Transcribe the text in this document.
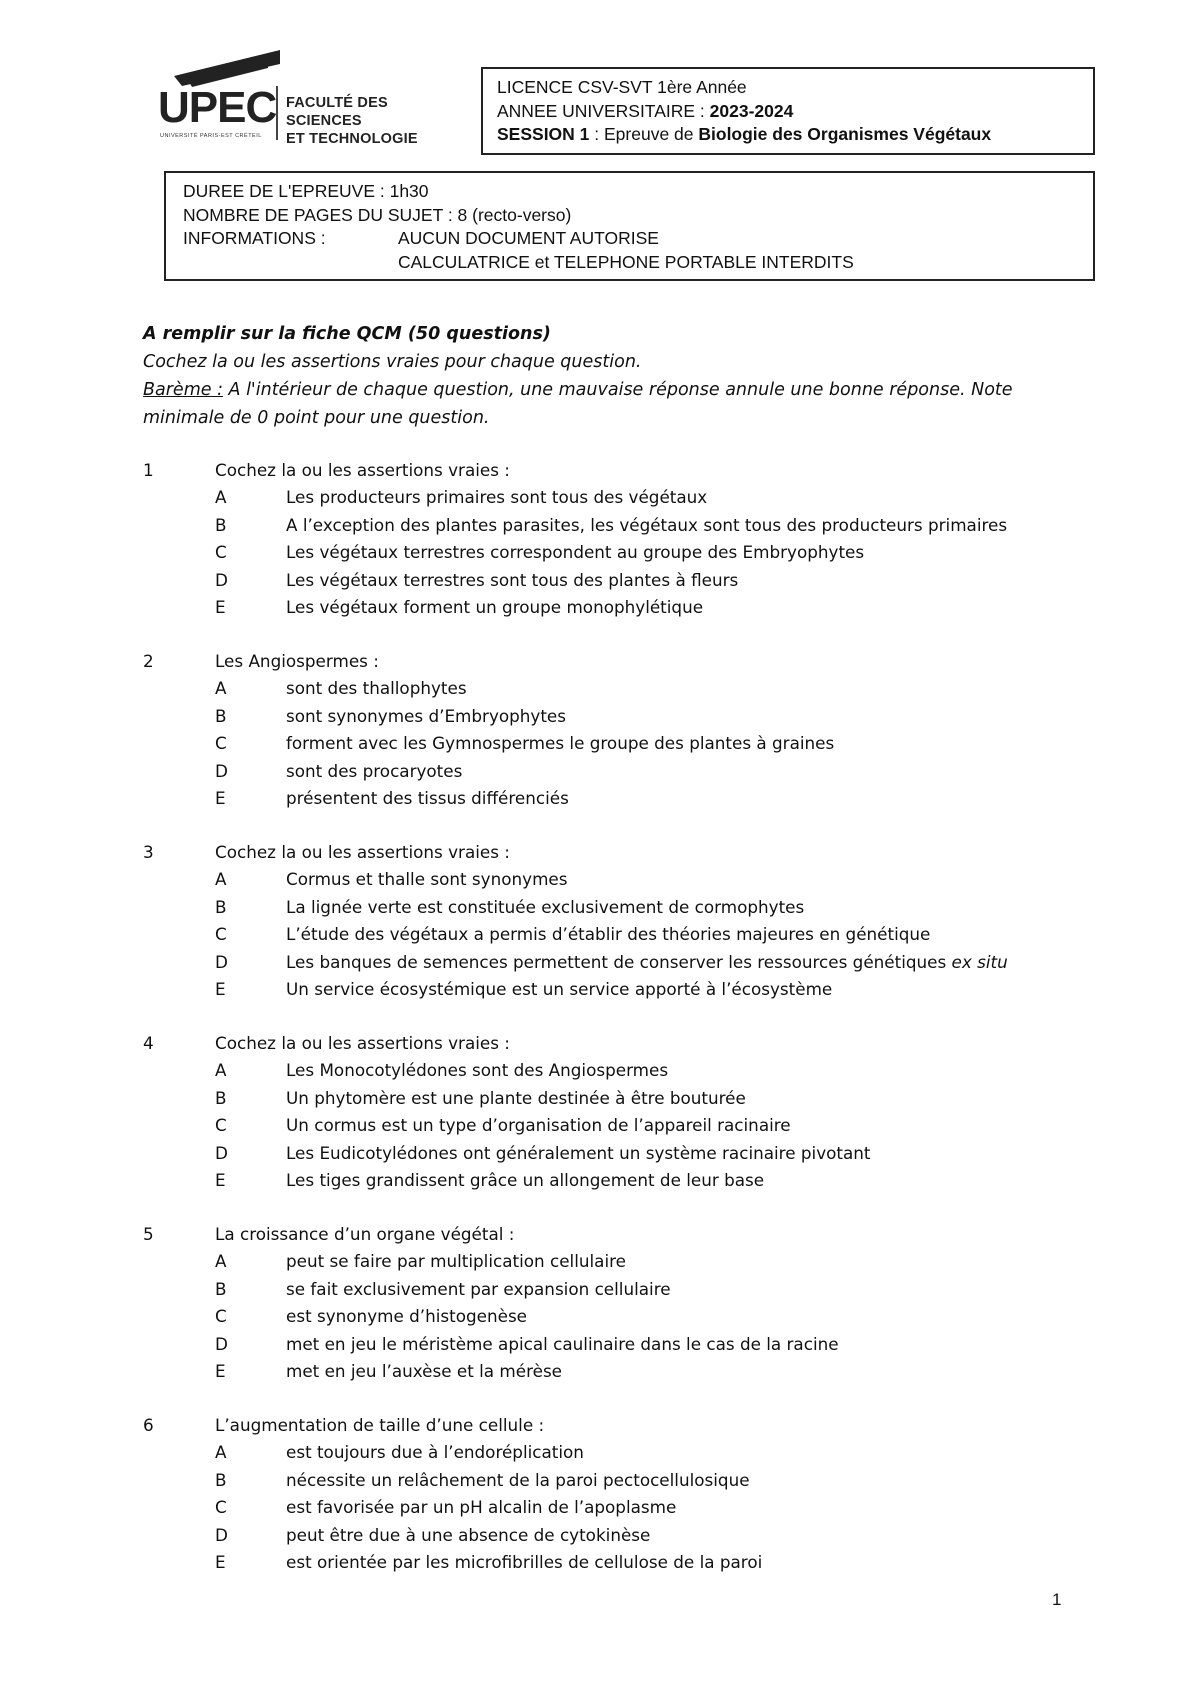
UPEC
UNIVERSITÉ PARIS-EST CRÉTEIL
FACULTÉ DES SCIENCES
ET TECHNOLOGIE
LICENCE CSV-SVT 1ère Année
ANNEE UNIVERSITAIRE : 2023-2024
SESSION 1 : Epreuve de Biologie des Organismes Végétaux
DUREE DE L'EPREUVE : 1h30
NOMBRE DE PAGES DU SUJET : 8 (recto-verso)
INFORMATIONS :	AUCUN DOCUMENT AUTORISE
CALCULATRICE et TELEPHONE PORTABLE INTERDITS
A remplir sur la fiche QCM (50 questions)
Cochez la ou les assertions vraies pour chaque question.
Barème : A l'intérieur de chaque question, une mauvaise réponse annule une bonne réponse. Note minimale de 0 point pour une question.
1	Cochez la ou les assertions vraies :
A	Les producteurs primaires sont tous des végétaux
B	A l’exception des plantes parasites, les végétaux sont tous des producteurs primaires
C	Les végétaux terrestres correspondent au groupe des Embryophytes
D	Les végétaux terrestres sont tous des plantes à fleurs
E	Les végétaux forment un groupe monophylétique
2	Les Angiospermes :
A	sont des thallophytes
B	sont synonymes d’Embryophytes
C	forment avec les Gymnospermes le groupe des plantes à graines
D	sont des procaryotes
E	présentent des tissus différenciés
3	Cochez la ou les assertions vraies :
A	Cormus et thalle sont synonymes
B	La lignée verte est constituée exclusivement de cormophytes
C	L’étude des végétaux a permis d’établir des théories majeures en génétique
D	Les banques de semences permettent de conserver les ressources génétiques ex situ
E	Un service écosystémique est un service apporté à l’écosystème
4	Cochez la ou les assertions vraies :
A	Les Monocotylédones sont des Angiospermes
B	Un phytomère est une plante destinée à être bouturée
C	Un cormus est un type d’organisation de l’appareil racinaire
D	Les Eudicotylédones ont généralement un système racinaire pivotant
E	Les tiges grandissent grâce un allongement de leur base
5	La croissance d’un organe végétal :
A	peut se faire par multiplication cellulaire
B	se fait exclusivement par expansion cellulaire
C	est synonyme d’histogenèse
D	met en jeu le méristème apical caulinaire dans le cas de la racine
E	met en jeu l’auxèse et la mérèse
6	L’augmentation de taille d’une cellule :
A	est toujours due à l’endoréplication
B	nécessite un relâchement de la paroi pectocellulosique
C	est favorisée par un pH alcalin de l’apoplasme
D	peut être due à une absence de cytokinèse
E	est orientée par les microfibrilles de cellulose de la paroi
1
